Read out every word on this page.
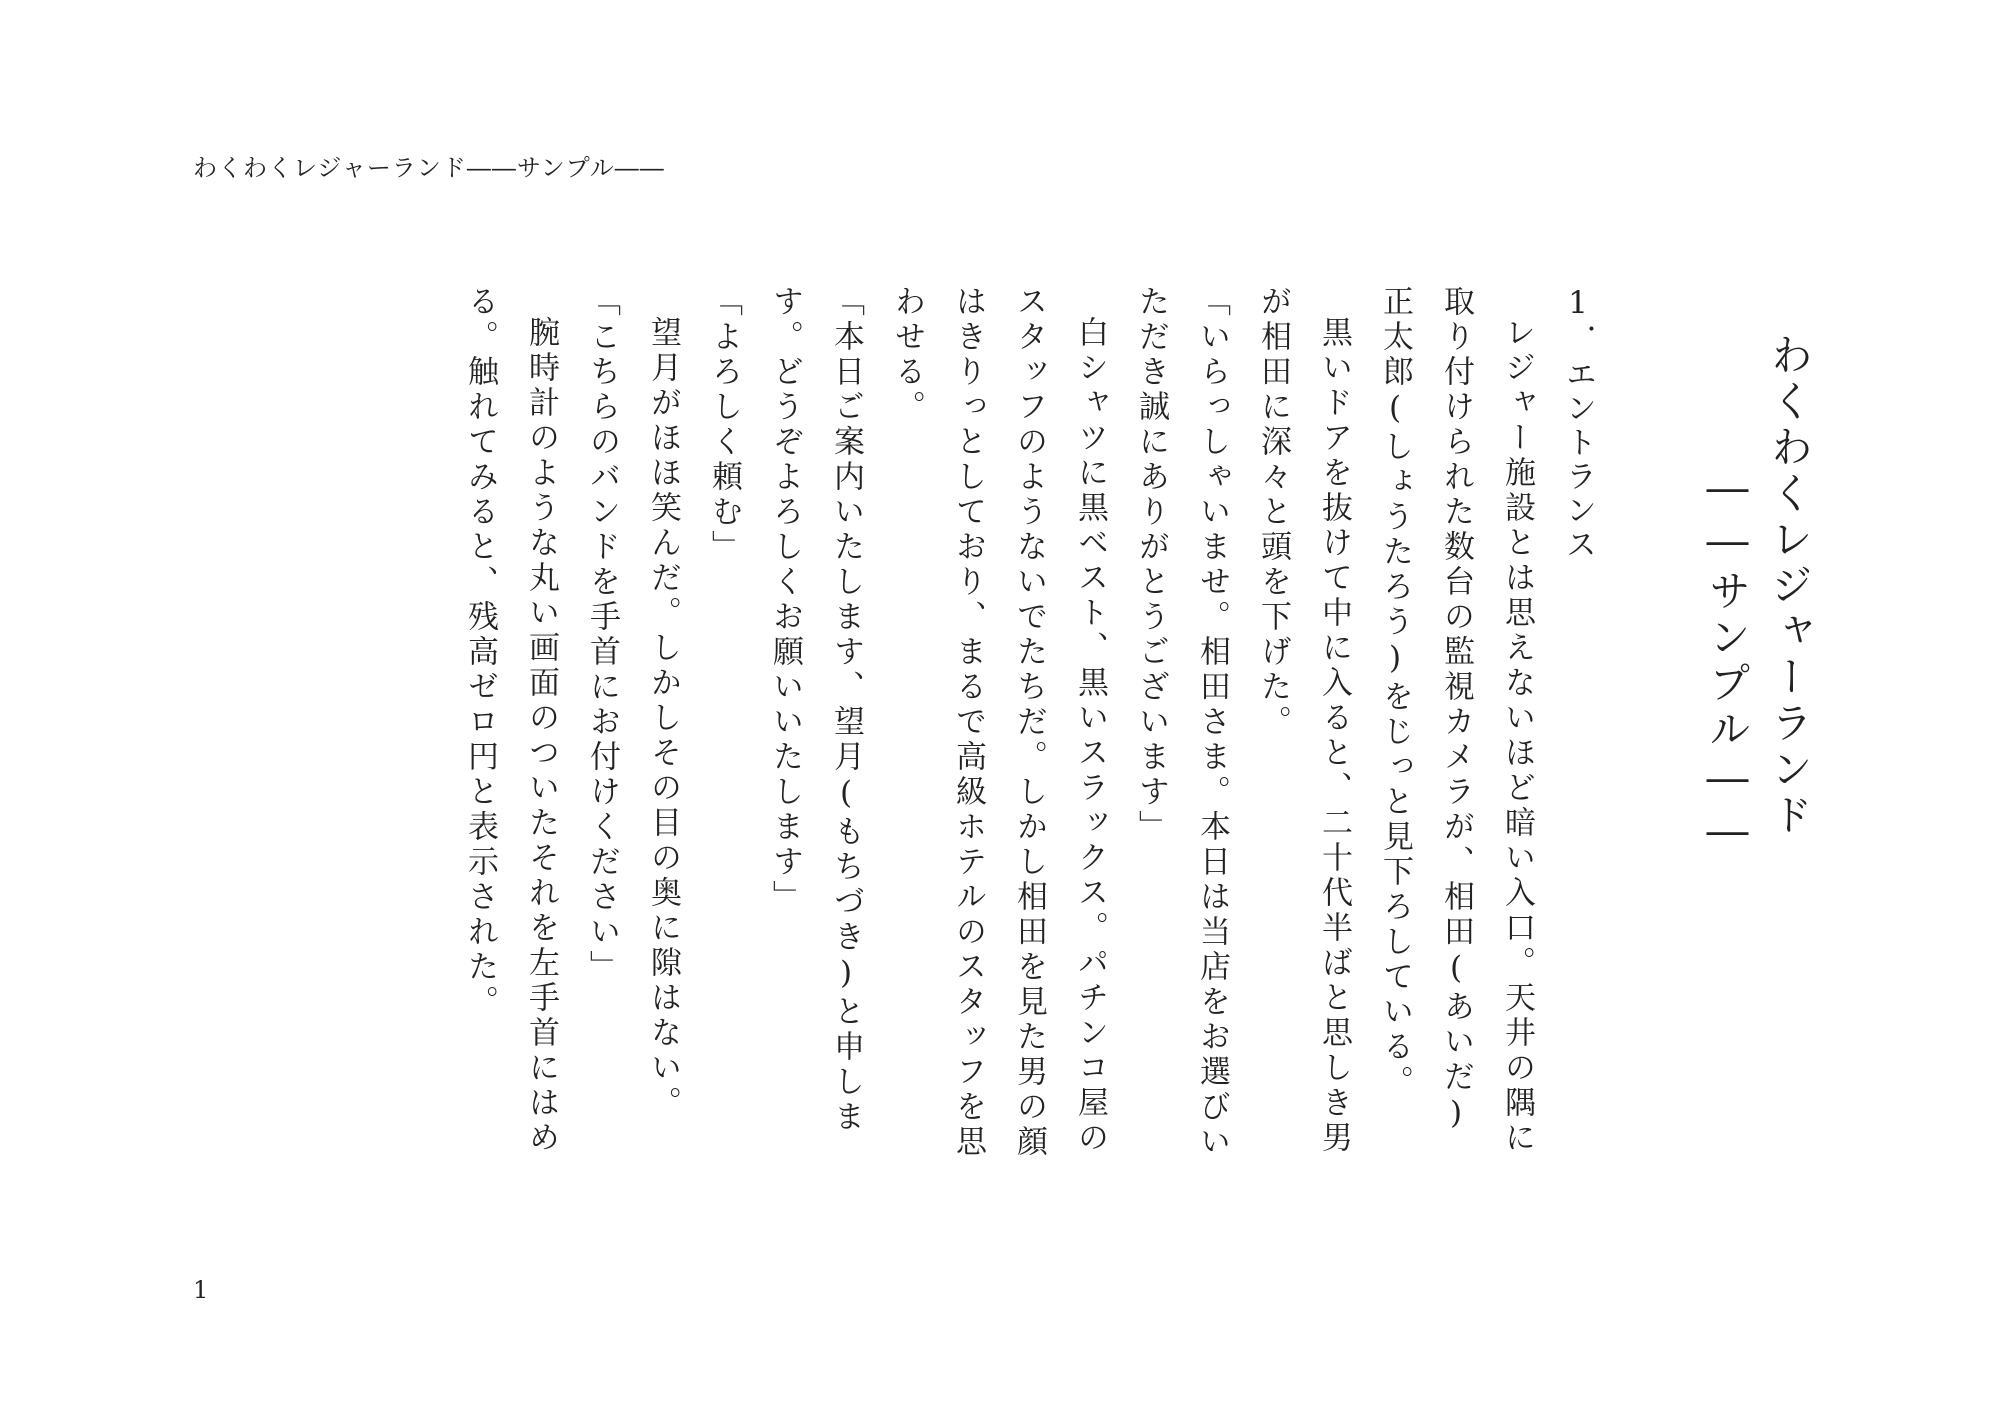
わくわくレジャーランド――サンプル――
わくわくレジャーランド
――サンプル――
1．エントランス

レジャー施設とは思えないほど暗い入口。天井の隅に取り付けられた数台の監視カメラが、相田(あいだ)正太郎(しょうたろう)をじっと見下ろしている。

黒いドアを抜けて中に入ると、二十代半ばと思しき男が相田に深々と頭を下げた。

「いらっしゃいませ。相田さま。本日は当店をお選びいただき誠にありがとうございます」

白シャツに黒ベスト、黒いスラックス。パチンコ屋のスタッフのようないでたちだ。しかし相田を見た男の顔はきりっとしており、まるで高級ホテルのスタッフを思わせる。

「本日ご案内いたします、望月(もちづき)と申します。どうぞよろしくお願いいたします」

「よろしく頼む」

望月がほほ笑んだ。しかしその目の奥に隙はない。

「こちらのバンドを手首にお付けください」

腕時計のような丸い画面のついたそれを左手首にはめる。触れてみると、残高ゼロ円と表示された。

1
